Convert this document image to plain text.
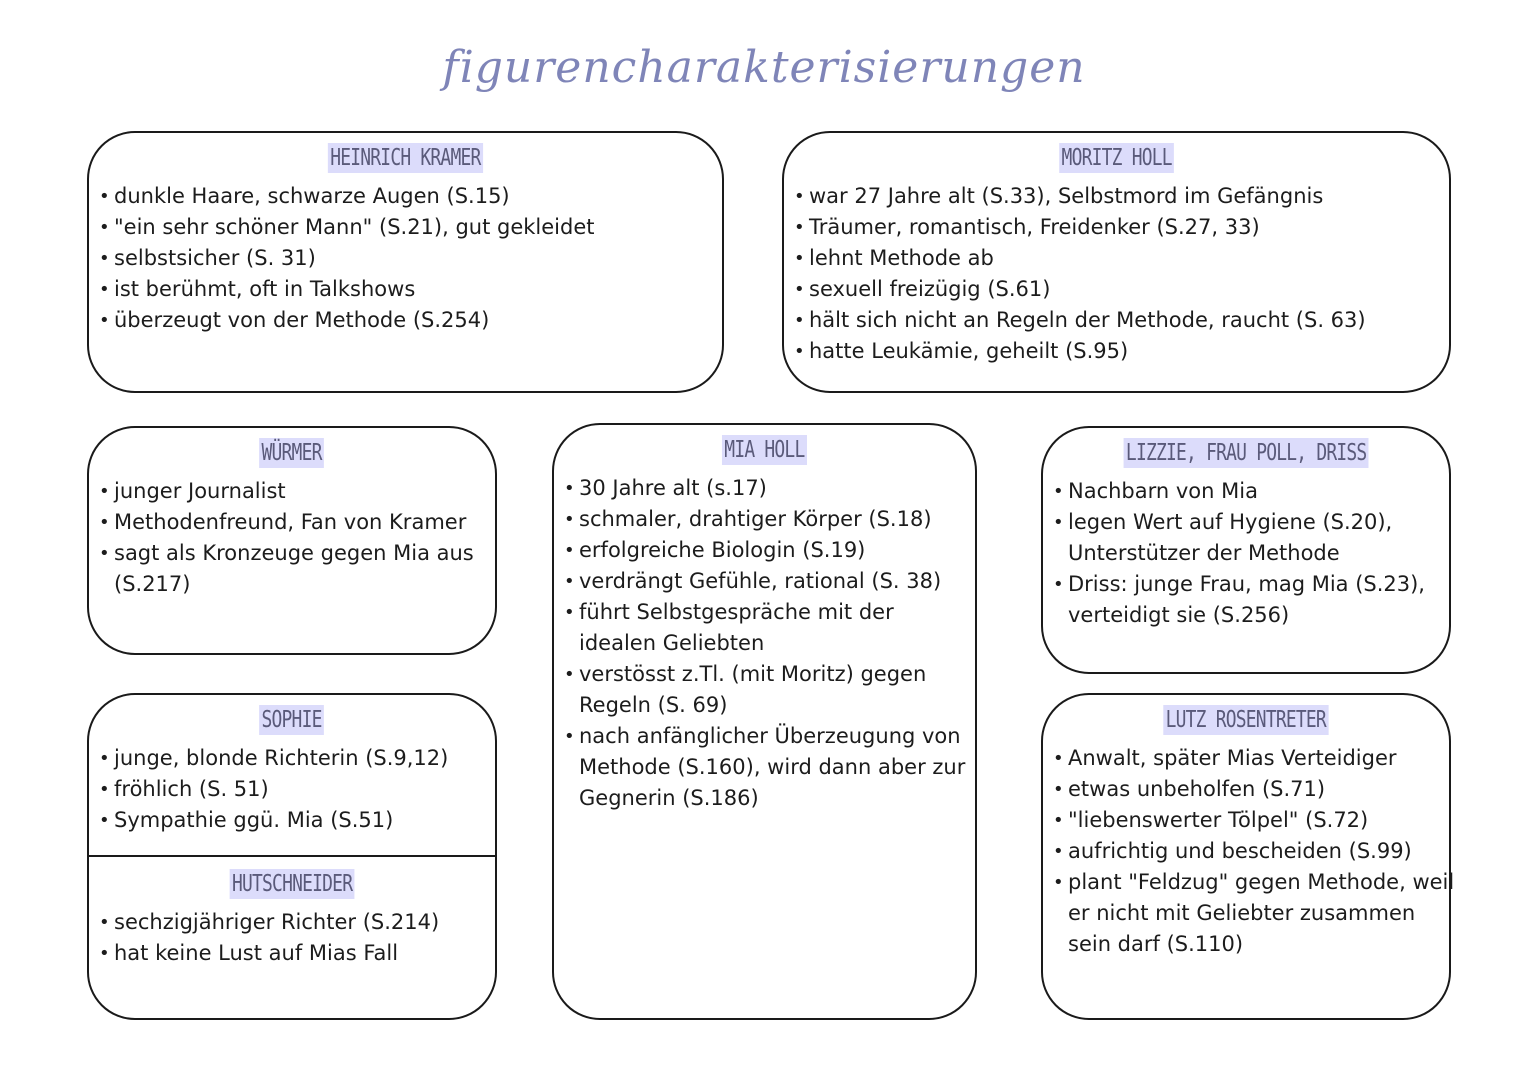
figurencharakterisierungen
HEINRICH KRAMER
• dunkle Haare, schwarze Augen (S.15)
• "ein sehr schöner Mann" (S.21), gut gekleidet
• selbstsicher (S. 31)
• ist berühmt, oft in Talkshows
• überzeugt von der Methode (S.254)
MORITZ HOLL
• war 27 Jahre alt (S.33), Selbstmord im Gefängnis
• Träumer, romantisch, Freidenker (S.27, 33)
• lehnt Methode ab
• sexuell freizügig (S.61)
• hält sich nicht an Regeln der Methode, raucht (S. 63)
• hatte Leukämie, geheilt (S.95)
WÜRMER
• junger Journalist
• Methodenfreund, Fan von Kramer
• sagt als Kronzeuge gegen Mia aus
(S.217)
MIA HOLL
• 30 Jahre alt (s.17)
• schmaler, drahtiger Körper (S.18)
• erfolgreiche Biologin (S.19)
• verdrängt Gefühle, rational (S. 38)
• führt Selbstgespräche mit der
idealen Geliebten
• verstösst z.Tl. (mit Moritz) gegen
Regeln (S. 69)
• nach anfänglicher Überzeugung von
Methode (S.160), wird dann aber zur
Gegnerin (S.186)
LIZZIE, FRAU POLL, DRISS
• Nachbarn von Mia
• legen Wert auf Hygiene (S.20),
Unterstützer der Methode
• Driss: junge Frau, mag Mia (S.23),
verteidigt sie (S.256)
SOPHIE
• junge, blonde Richterin (S.9,12)
• fröhlich (S. 51)
• Sympathie ggü. Mia (S.51)
HUTSCHNEIDER
• sechzigjähriger Richter (S.214)
• hat keine Lust auf Mias Fall
LUTZ ROSENTRETER
• Anwalt, später Mias Verteidiger
• etwas unbeholfen (S.71)
• "liebenswerter Tölpel" (S.72)
• aufrichtig und bescheiden (S.99)
• plant "Feldzug" gegen Methode, weil
er nicht mit Geliebter zusammen
sein darf (S.110)
